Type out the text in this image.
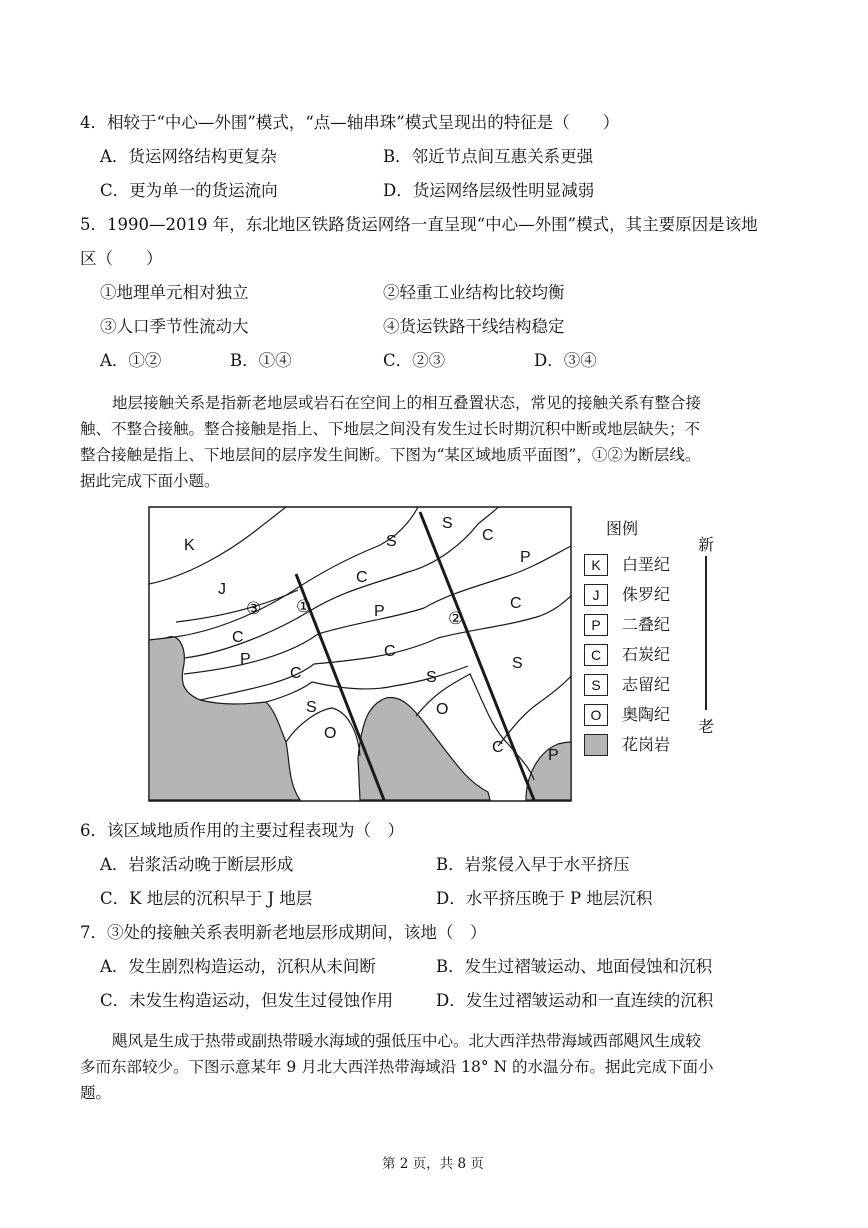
4．相较于“中心—外围”模式，“点—轴串珠”模式呈现出的特征是（　　）
A．货运网络结构更复杂	B．邻近节点间互惠关系更强
C．更为单一的货运流向	D．货运网络层级性明显减弱
5．1990—2019 年，东北地区铁路货运网络一直呈现“中心—外围”模式，其主要原因是该地
区（　　）
①地理单元相对独立	②轻重工业结构比较均衡
③人口季节性流动大	④货运铁路干线结构稳定
A．①②	B．①④	C．②③	D．③④
地层接触关系是指新老地层或岩石在空间上的相互叠置状态，常见的接触关系有整合接
触、不整合接触。整合接触是指上、下地层之间没有发生过长时期沉积中断或地层缺失；不
整合接触是指上、下地层间的层序发生间断。下图为“某区域地质平面图”，①②为断层线。
据此完成下面小题。
K
J
S
S
C
P
C
P	C
C
P	C
C	S
S
S	O
O
C	P
③ ①
②
图例
K	白垩纪
J	侏罗纪
P	二叠纪
C	石炭纪
S	志留纪
O	奥陶纪
花岗岩
新
老
6．该区域地质作用的主要过程表现为（　）
A．岩浆活动晚于断层形成	B．岩浆侵入早于水平挤压
C．K 地层的沉积早于 J 地层	D．水平挤压晚于 P 地层沉积
7．③处的接触关系表明新老地层形成期间，该地（　）
A．发生剧烈构造运动，沉积从未间断	B．发生过褶皱运动、地面侵蚀和沉积
C．未发生构造运动，但发生过侵蚀作用	D．发生过褶皱运动和一直连续的沉积
飓风是生成于热带或副热带暖水海域的强低压中心。北大西洋热带海域西部飓风生成较
多而东部较少。下图示意某年 9 月北大西洋热带海域沿 18° N 的水温分布。据此完成下面小
题。
第 2 页，共 8 页
